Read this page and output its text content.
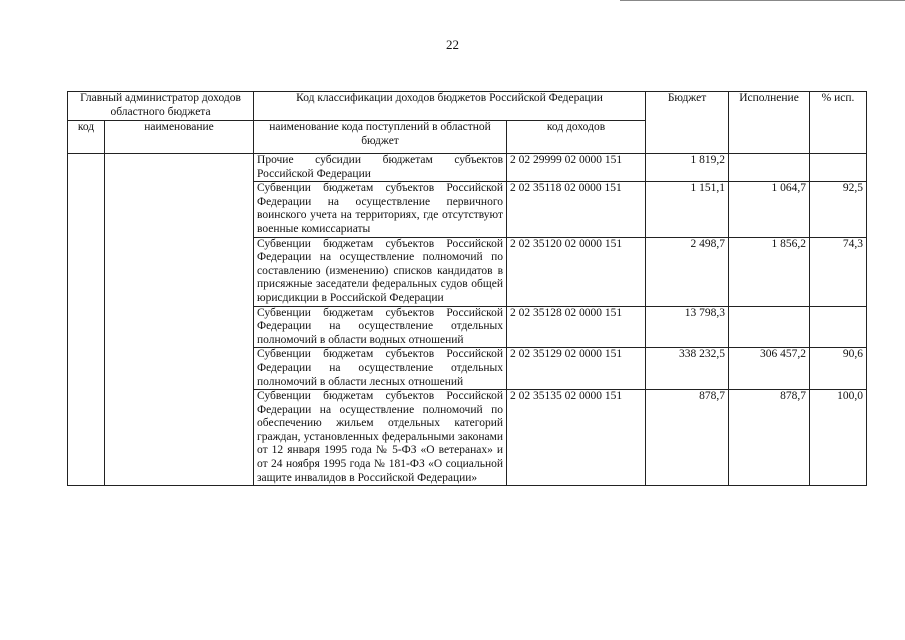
22
Главный администратор доходов областного бюджета		Код классификации доходов бюджетов Российской Федерации		Бюджет	Исполнение	% исп.
код	наименование	наименование кода поступлений в областной бюджет	код доходов			
		Прочие субсидии бюджетам субъектов Российской Федерации	2 02 29999 02 0000 151	1 819,2		
		Субвенции бюджетам субъектов Российской Федерации на осуществление первичного воинского учета на территориях, где отсутствуют военные комиссариаты	2 02 35118 02 0000 151	1 151,1	1 064,7	92,5
		Субвенции бюджетам субъектов Российской Федерации на осуществление полномочий по составлению (изменению) списков кандидатов в присяжные заседатели федеральных судов общей юрисдикции в Российской Федерации	2 02 35120 02 0000 151	2 498,7	1 856,2	74,3
		Субвенции бюджетам субъектов Российской Федерации на осуществление отдельных полномочий в области водных отношений	2 02 35128 02 0000 151	13 798,3		
		Субвенции бюджетам субъектов Российской Федерации на осуществление отдельных полномочий в области лесных отношений	2 02 35129 02 0000 151	338 232,5	306 457,2	90,6
		Субвенции бюджетам субъектов Российской Федерации на осуществление полномочий по обеспечению жильем отдельных категорий граждан, установленных федеральными законами от 12 января 1995 года № 5-ФЗ «О ветеранах» и от 24 ноября 1995 года № 181-ФЗ «О социальной защите инвалидов в Российской Федерации»	2 02 35135 02 0000 151	878,7	878,7	100,0
